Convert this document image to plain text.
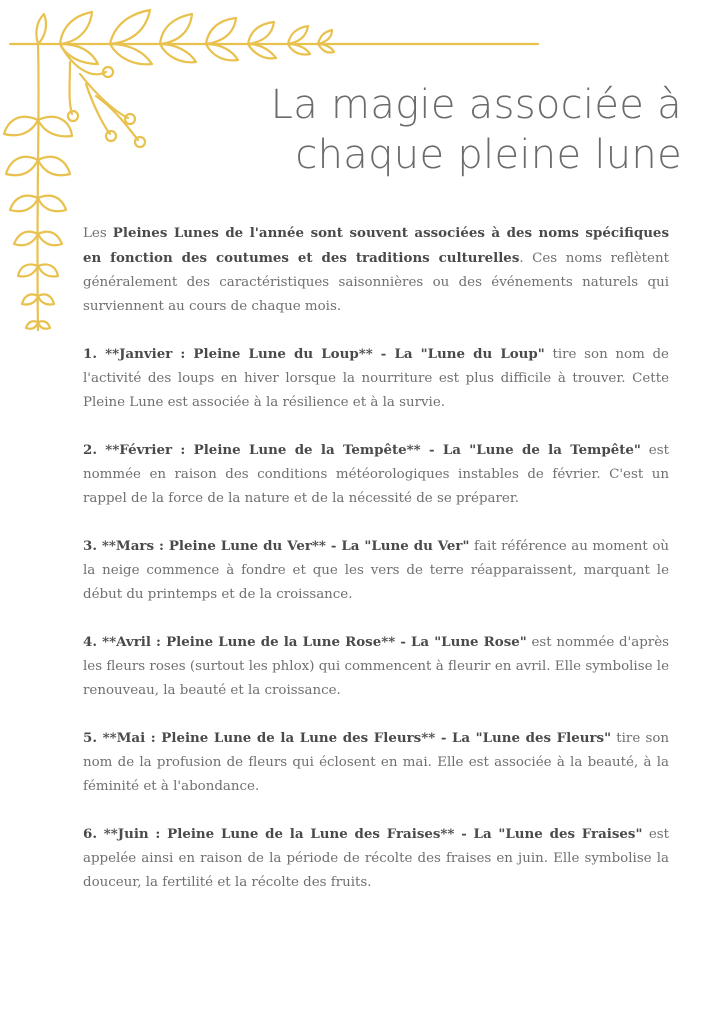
La magie associée à
chaque pleine lune

Les Pleines Lunes de l'année sont souvent associées à des noms spécifiques en fonction des coutumes et des traditions culturelles. Ces noms reflètent généralement des caractéristiques saisonnières ou des événements naturels qui surviennent au cours de chaque mois.

1. **Janvier : Pleine Lune du Loup** - La "Lune du Loup" tire son nom de l'activité des loups en hiver lorsque la nourriture est plus difficile à trouver. Cette Pleine Lune est associée à la résilience et à la survie.

2. **Février : Pleine Lune de la Tempête** - La "Lune de la Tempête" est nommée en raison des conditions météorologiques instables de février. C'est un rappel de la force de la nature et de la nécessité de se préparer.

3. **Mars : Pleine Lune du Ver** - La "Lune du Ver" fait référence au moment où la neige commence à fondre et que les vers de terre réapparaissent, marquant le début du printemps et de la croissance.

4. **Avril : Pleine Lune de la Lune Rose** - La "Lune Rose" est nommée d'après les fleurs roses (surtout les phlox) qui commencent à fleurir en avril. Elle symbolise le renouveau, la beauté et la croissance.

5. **Mai : Pleine Lune de la Lune des Fleurs** - La "Lune des Fleurs" tire son nom de la profusion de fleurs qui éclosent en mai. Elle est associée à la beauté, à la féminité et à l'abondance.

6. **Juin : Pleine Lune de la Lune des Fraises** - La "Lune des Fraises" est appelée ainsi en raison de la période de récolte des fraises en juin. Elle symbolise la douceur, la fertilité et la récolte des fruits.
